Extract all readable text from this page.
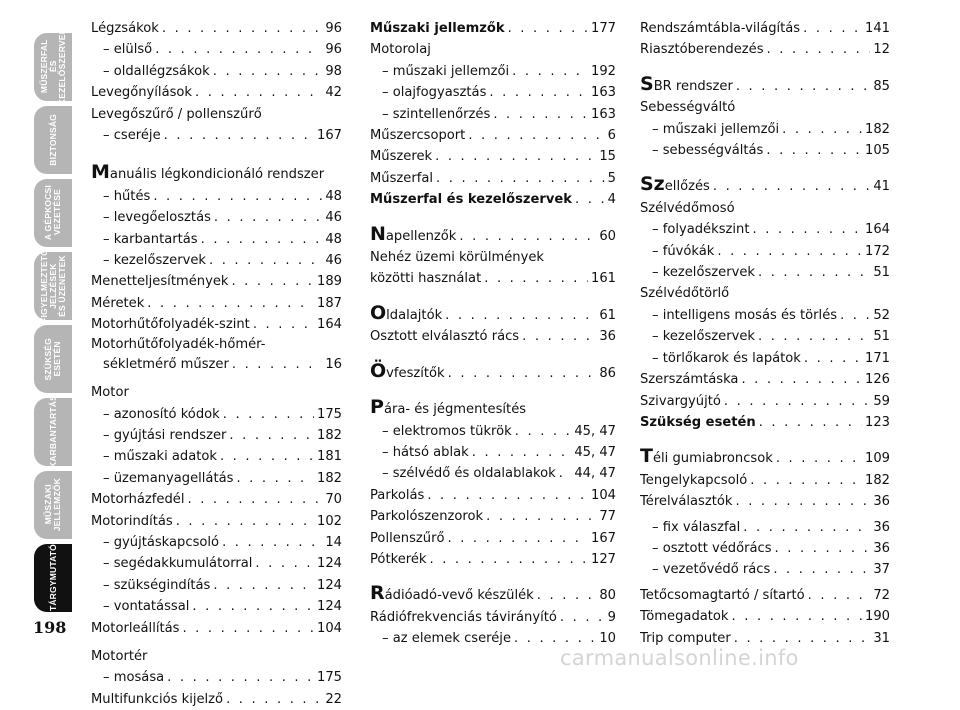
MŰSZERFAL
ÉS
KEZELŐSZERVEK
BIZTONSÁG
A GÉPKOCSI
VEZETÉSE
FIGYELMEZTETŐ
JELZÉSEK
ÉS ÜZENETEK
SZÜKSÉG
ESETÉN
KARBANTARTÁS
MŰSZAKI
JELLEMZŐK
TÁRGYMUTATÓ
198
Légzsákok . . .	96
– elülső . . .	96
– oldallégzsákok . . .	98
Levegőnyílások . . .	42
Levegőszűrő / pollenszűrő
– cseréje . . .	167
Manuális légkondicionáló rendszer
– hűtés . . .	48
– levegőelosztás . . .	46
– karbantartás . . .	48
– kezelőszervek . . .	46
Menetteljesítmények . . .	189
Méretek . . .	187
Motorhűtőfolyadék-szint . . .	164
Motorhűtőfolyadék-hőmér-
sékletmérő műszer . . .	16
Motor
– azonosító kódok . . .	175
– gyújtási rendszer . . .	182
– műszaki adatok . . .	181
– üzemanyagellátás . . .	182
Motorházfedél . . .	70
Motorindítás . . .	102
– gyújtáskapcsoló . . .	14
– segédakkumulátorral . . .	124
– szükségindítás . . .	124
– vontatással . . .	124
Motorleállítás . . .	104
Motortér
– mosása . . .	175
Multifunkciós kijelző . . .	22
Műszaki jellemzők . . .	177
Motorolaj
– műszaki jellemzői . . .	192
– olajfogyasztás . . .	163
– szintellenőrzés . . .	163
Műszercsoport . . .	6
Műszerek . . .	15
Műszerfal . . .	5
Műszerfal és kezelőszervek . . .	4
Napellenzők . . .	60
Nehéz üzemi körülmények
közötti használat . . .	161
Oldalajtók . . .	61
Osztott elválasztó rács . . .	36
Övfeszítők . . .	86
Pára- és jégmentesítés
– elektromos tükrök . . .	45, 47
– hátsó ablak . . .	45, 47
– szélvédő és oldalablakok . . . 44, 47
Parkolás . . .	104
Parkolószenzorok . . .	77
Pollenszűrő . . .	167
Pótkerék . . .	127
Rádióadó-vevő készülék . . .	80
Rádiófrekvenciás távirányító . . .	9
– az elemek cseréje . . .	10
Rendszámtábla-világítás . . .	141
Riasztóberendezés . . .	12
SBR rendszer . . .	85
Sebességváltó
– műszaki jellemzői . . .	182
– sebességváltás . . .	105
Szellőzés . . .	41
Szélvédőmosó
– folyadékszint . . .	164
– fúvókák . . .	172
– kezelőszervek . . .	51
Szélvédőtörlő
– intelligens mosás és törlés . . .	52
– kezelőszervek . . .	51
– törlőkarok és lapátok . . .	171
Szerszámtáska . . .	126
Szivargyújtó . . .	59
Szükség esetén . . .	123
Téli gumiabroncsok . . .	109
Tengelykapcsoló . . .	182
Térelválasztók . . .	36
– fix válaszfal . . .	36
– osztott védőrács . . .	36
– vezetővédő rács . . .	37
Tetőcsomagtartó / sítartó . . .	72
Tömegadatok . . .	190
Trip computer . . .	31
carmanualsonline.info
